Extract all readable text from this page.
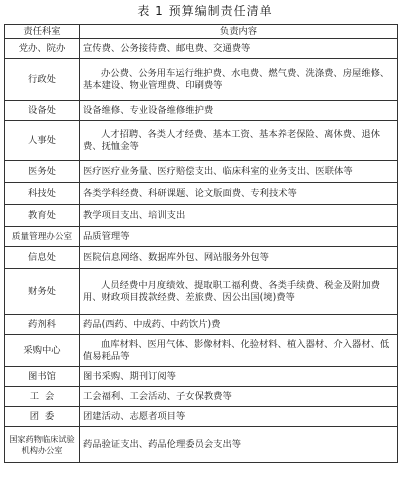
表 1 预算编制责任清单
责任科室	负责内容
党办、院办	宣传费、公务接待费、邮电费、交通费等
行政处	办公费、公务用车运行维护费、水电费、燃气费、洗涤费、房屋维修、基本建设、物业管理费、印刷费等
设备处	设备维修、专业设备维修维护费
人事处	人才招聘、各类人才经费、基本工资、基本养老保险、离休费、退休费、抚恤金等
医务处	医疗医疗业务量、医疗赔偿支出、临床科室的业务支出、医联体等
科技处	各类学科经费、科研课题、论文版面费、专利技术等
教育处	教学项目支出、培训支出
质量管理办公室	品质管理等
信息处	医院信息网络、数据库外包、网站服务外包等
财务处	人员经费中月度绩效、提取职工福利费、各类手续费、税金及附加费用、财政项目拨款经费、差旅费、因公出国(境)费等
药剂科	药品(西药、中成药、中药饮片)费
采购中心	血库材料、医用气体、影像材料、化验材料、植入器材、介入器材、低值易耗品等
图书馆	图书采购、期刊订阅等
工  会	工会福利、工会活动、子女保教费等
团  委	团建活动、志愿者项目等
国家药物临床试验机构办公室	药品验证支出、药品伦理委员会支出等
